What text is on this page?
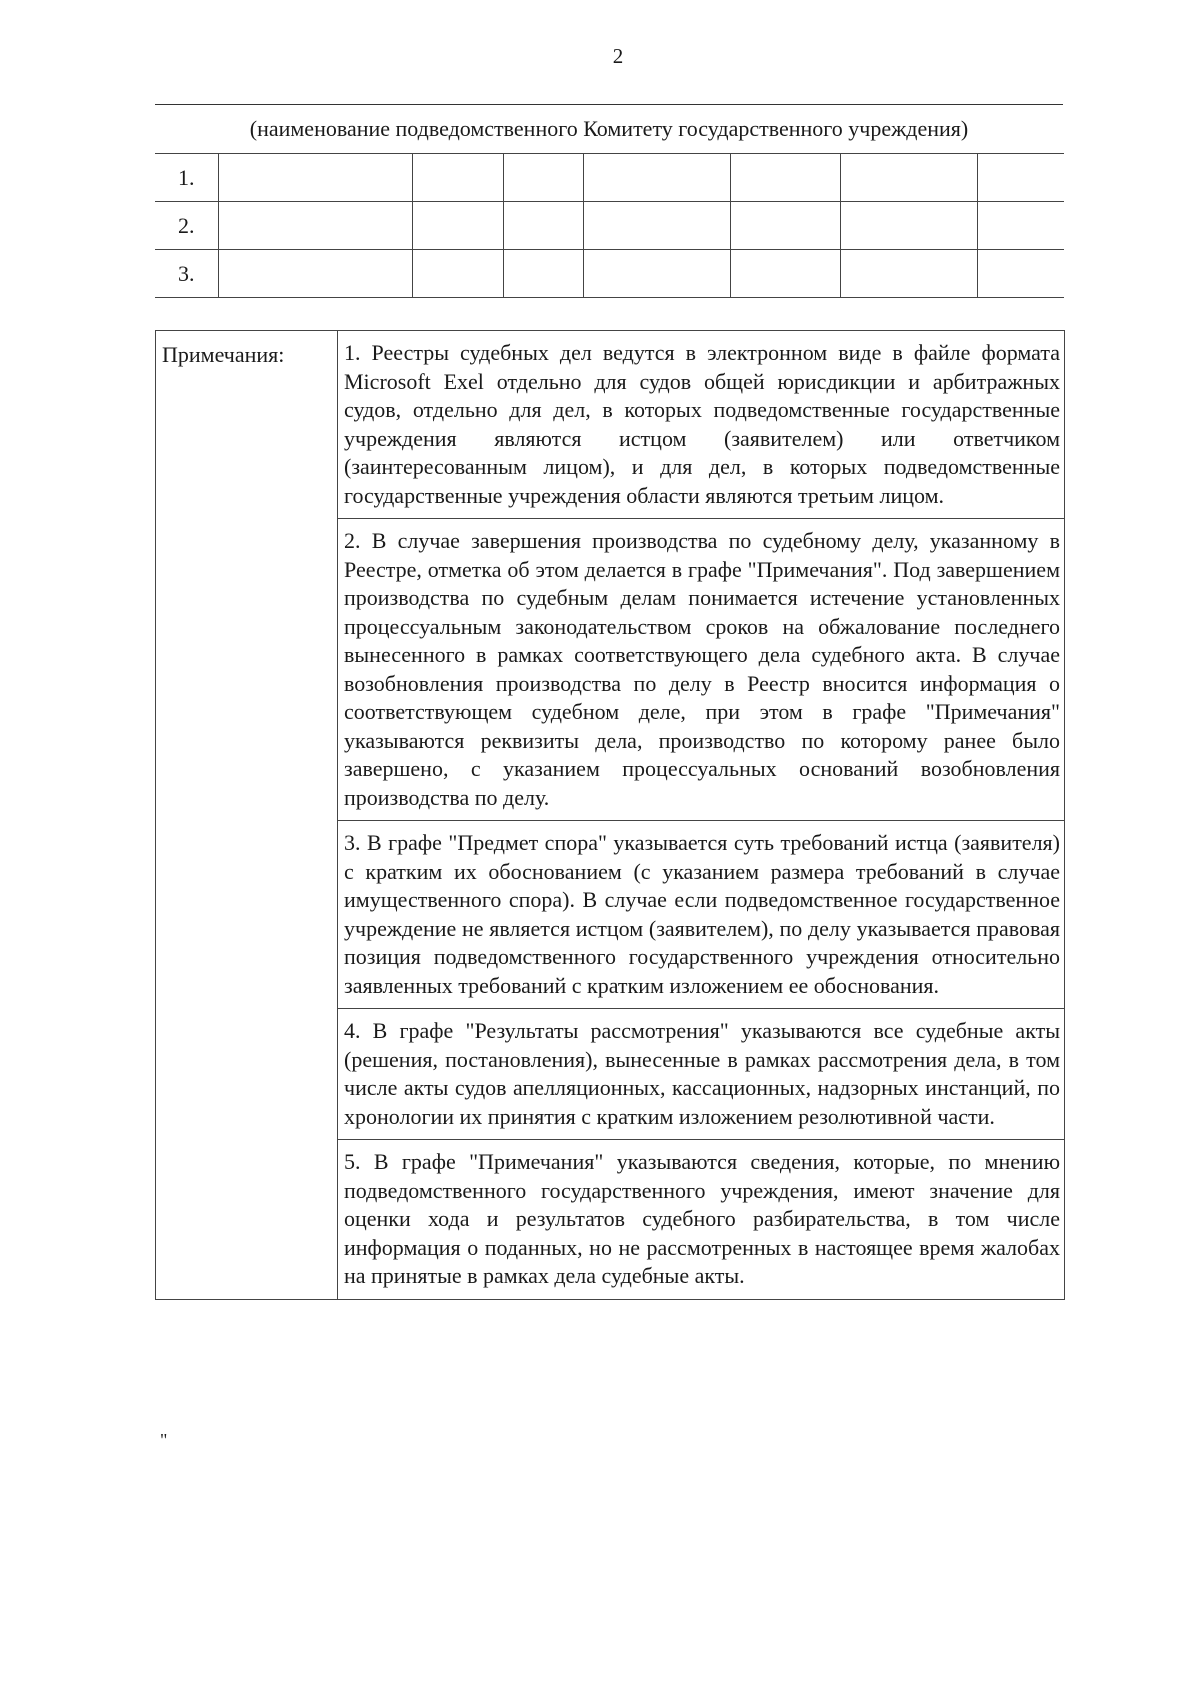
2
(наименование подведомственного Комитету государственного учреждения)
1.							
2.							
3.							
Примечания:	1. Реестры судебных дел ведутся в электронном виде в файле формата Microsoft Exel отдельно для судов общей юрисдикции и арбитражных судов, отдельно для дел, в которых подведомственные государственные учреждения являются истцом (заявителем) или ответчиком (заинтересованным лицом), и для дел, в которых подведомственные государственные учреждения области являются третьим лицом.
2. В случае завершения производства по судебному делу, указанному в Реестре, отметка об этом делается в графе "Примечания". Под завершением производства по судебным делам понимается истечение установленных процессуальным законодательством сроков на обжалование последнего вынесенного в рамках соответствующего дела судебного акта. В случае возобновления производства по делу в Реестр вносится информация о соответствующем судебном деле, при этом в графе "Примечания" указываются реквизиты дела, производство по которому ранее было завершено, с указанием процессуальных оснований возобновления производства по делу.
3. В графе "Предмет спора" указывается суть требований истца (заявителя) с кратким их обоснованием (с указанием размера требований в случае имущественного спора). В случае если подведомственное государственное учреждение не является истцом (заявителем), по делу указывается правовая позиция подведомственного государственного учреждения относительно заявленных требований с кратким изложением ее обоснования.
4. В графе "Результаты рассмотрения" указываются все судебные акты (решения, постановления), вынесенные в рамках рассмотрения дела, в том числе акты судов апелляционных, кассационных, надзорных инстанций, по хронологии их принятия с кратким изложением резолютивной части.
5. В графе "Примечания" указываются сведения, которые, по мнению подведомственного государственного учреждения, имеют значение для оценки хода и результатов судебного разбирательства, в том числе информация о поданных, но не рассмотренных в настоящее время жалобах на принятые в рамках дела судебные акты.
"
